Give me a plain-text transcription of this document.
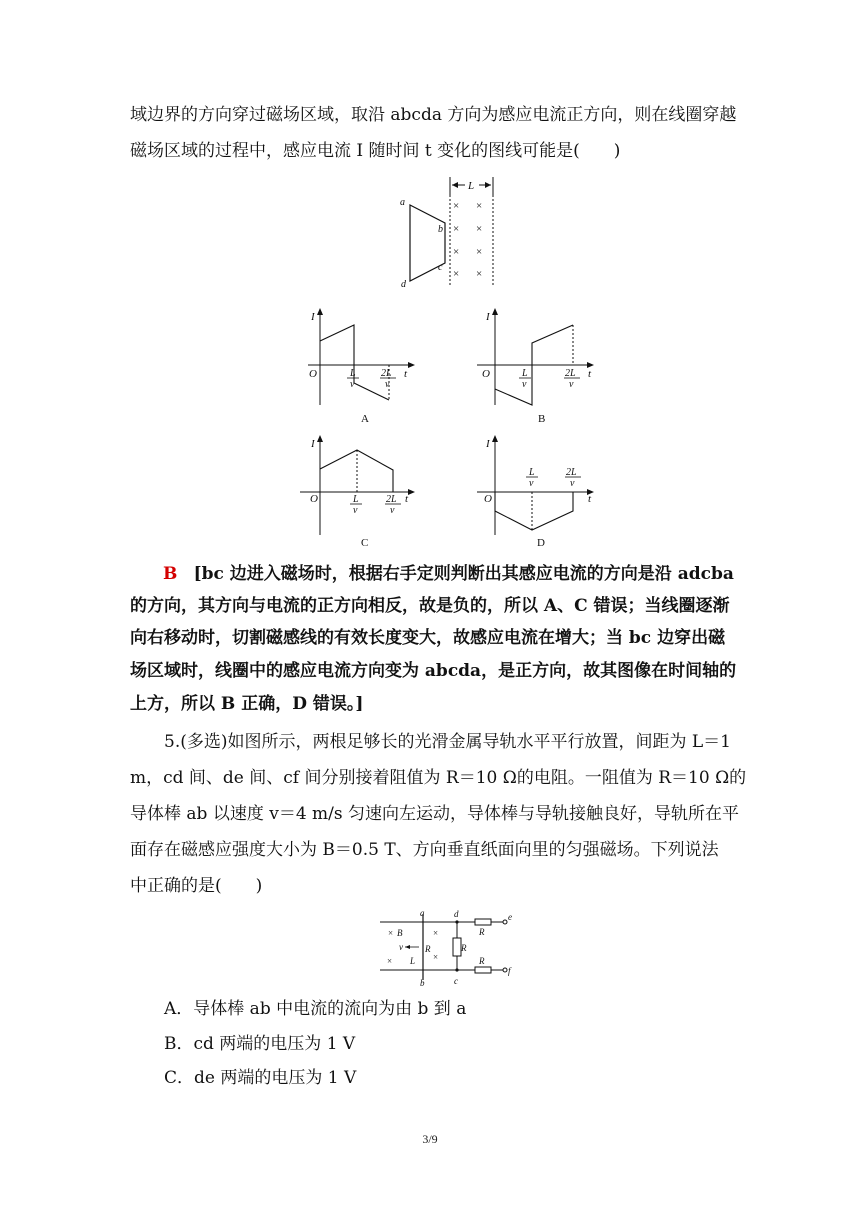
域边界的方向穿过磁场区域，取沿 abcda 方向为感应电流正方向，则在线圈穿越
磁场区域的过程中，感应电流 I 随时间 t 变化的图线可能是(　　)
L
a
b
c
d
× ×
× ×
× ×
× ×
I
t
O	L
v
2L
v
A
I
t
O	L
v
2L
v
B
I
t
O	L
v
2L
v
C
I
t
O
L
v
2L
v
D
B [bc 边进入磁场时，根据右手定则判断出其感应电流的方向是沿 adcba
的方向，其方向与电流的正方向相反，故是负的，所以 A、C 错误；当线圈逐渐
向右移动时，切割磁感线的有效长度变大，故感应电流在增大；当 bc 边穿出磁
场区域时，线圈中的感应电流方向变为 abcda，是正方向，故其图像在时间轴的
上方，所以 B 正确，D 错误。]
5.(多选)如图所示，两根足够长的光滑金属导轨水平平行放置，间距为 L＝1
m，cd 间、de 间、cf 间分别接着阻值为 R＝10 Ω的电阻。一阻值为 R＝10 Ω的
导体棒 ab 以速度 v＝4 m/s 匀速向左运动，导体棒与导轨接触良好，导轨所在平
面存在磁感应强度大小为 B＝0.5 T、方向垂直纸面向里的匀强磁场。下列说法
中正确的是(　　)
a
b
× B
×
v
L
R
×
×
R
d
c
R
e
R
f
A．导体棒 ab 中电流的流向为由 b 到 a
B．cd 两端的电压为 1 V
C．de 两端的电压为 1 V
3/9
